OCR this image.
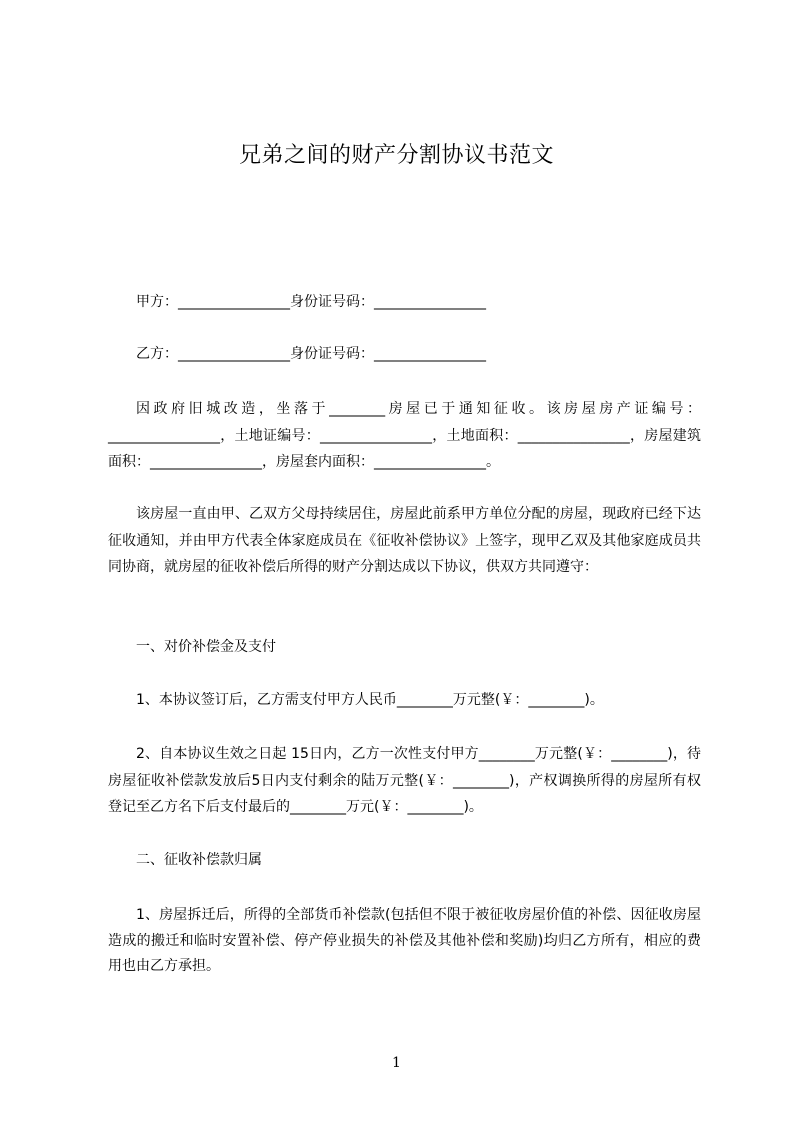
兄弟之间的财产分割协议书范文
甲方：________________身份证号码：________________
乙方：________________身份证号码：________________
因政府旧城改造，坐落于________房屋已于通知征收。该房屋房产证编号：________________，土地证编号：________________，土地面积：________________，房屋建筑面积：________________，房屋套内面积：________________。
该房屋一直由甲、乙双方父母持续居住，房屋此前系甲方单位分配的房屋，现政府已经下达征收通知，并由甲方代表全体家庭成员在《征收补偿协议》上签字，现甲乙双及其他家庭成员共同协商，就房屋的征收补偿后所得的财产分割达成以下协议，供双方共同遵守：
一、对价补偿金及支付
1、本协议签订后，乙方需支付甲方人民币________万元整(￥：________)。
2、自本协议生效之日起 15日内，乙方一次性支付甲方________万元整(￥：________)，待房屋征收补偿款发放后5日内支付剩余的陆万元整(￥：________)，产权调换所得的房屋所有权登记至乙方名下后支付最后的________万元(￥：________)。
二、征收补偿款归属
1、房屋拆迁后，所得的全部货币补偿款(包括但不限于被征收房屋价值的补偿、因征收房屋造成的搬迁和临时安置补偿、停产停业损失的补偿及其他补偿和奖励)均归乙方所有，相应的费用也由乙方承担。
1
